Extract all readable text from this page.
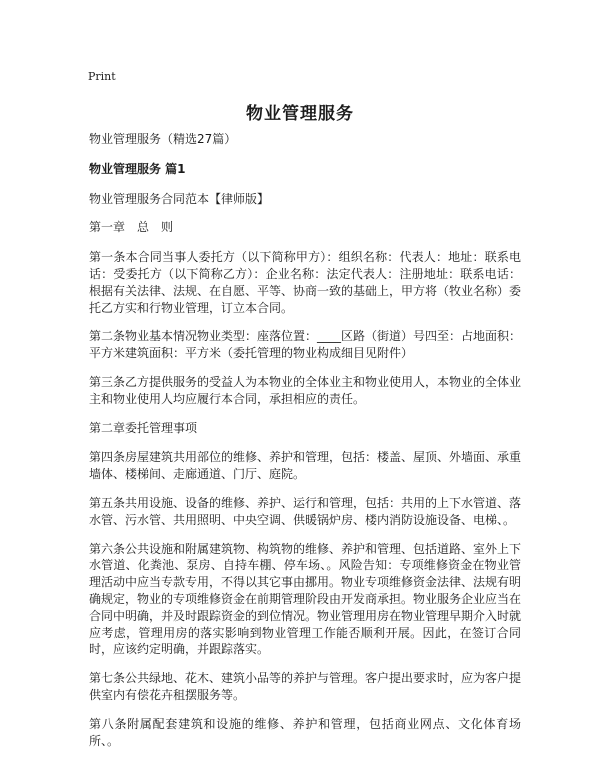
Print
物业管理服务

物业管理服务（精选27篇）

物业管理服务 篇1

物业管理服务合同范本【律师版】

第一章　总　则

第一条本合同当事人委托方（以下简称甲方）：组织名称：代表人：地址：联系电话：受委托方（以下简称乙方）：企业名称：法定代表人：注册地址：联系电话：根据有关法律、法规、在自愿、平等、协商一致的基础上，甲方将（牧业名称）委托乙方实和行物业管理，订立本合同。

第二条物业基本情况物业类型：座落位置：____区路（街道）号四至：占地面积：平方米建筑面积：平方米（委托管理的物业构成细目见附件）

第三条乙方提供服务的受益人为本物业的全体业主和物业使用人，本物业的全体业主和物业使用人均应履行本合同，承担相应的责任。

第二章委托管理事项

第四条房屋建筑共用部位的维修、养护和管理，包括：楼盖、屋顶、外墙面、承重墙体、楼梯间、走廊通道、门厅、庭院。

第五条共用设施、设备的维修、养护、运行和管理，包括：共用的上下水管道、落水管、污水管、共用照明、中央空调、供暖锅炉房、楼内消防设施设备、电梯、。

第六条公共设施和附属建筑物、构筑物的维修、养护和管理、包括道路、室外上下水管道、化粪池、泵房、自持车棚、停车场、。风险告知：专项维修资金在物业管理活动中应当专款专用，不得以其它事由挪用。物业专项维修资金法律、法规有明确规定，物业的专项维修资金在前期管理阶段由开发商承担。物业服务企业应当在合同中明确，并及时跟踪资金的到位情况。物业管理用房在物业管理早期介入时就应考虑，管理用房的落实影响到物业管理工作能否顺利开展。因此，在签订合同时，应该约定明确，并跟踪落实。

第七条公共绿地、花木、建筑小品等的养护与管理。客户提出要求时，应为客户提供室内有偿花卉租摆服务等。

第八条附属配套建筑和设施的维修、养护和管理，包括商业网点、文化体育场所、。
